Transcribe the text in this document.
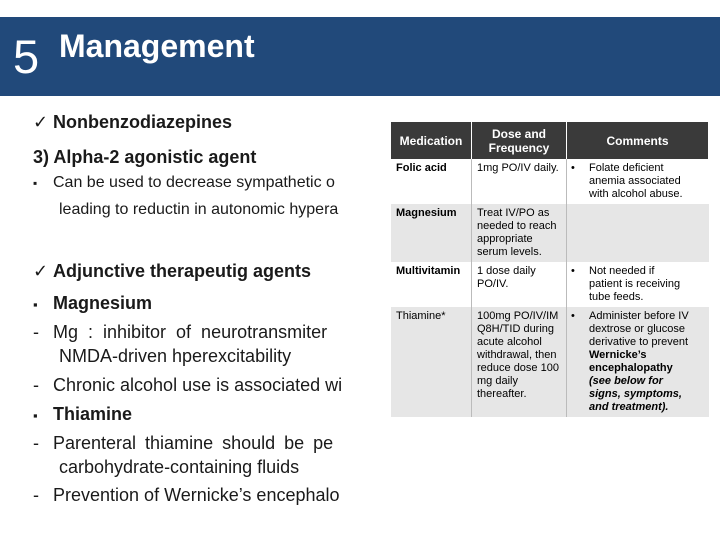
5 Management
✓ Nonbenzodiazepines
3) Alpha-2 agonistic agent
▪ Can be used to decrease sympathetic o
leading to reductin in autonomic hypera
✓ Adjunctive therapeutig agents
▪ Magnesium
- Mg : inhibitor of neurotransmiter
NMDA-driven hperexcitability
- Chronic alcohol use is associated wi
▪ Thiamine
- Parenteral thiamine should be pe
carbohydrate-containing fluids
- Prevention of Wernicke’s encephalo
Medication	Dose and Frequency	Comments
Folic acid	1mg PO/IV daily.	• Folate deficient anemia associated with alcohol abuse.
Magnesium	Treat IV/PO as needed to reach appropriate serum levels.	
Multivitamin	1 dose daily PO/IV.	• Not needed if patient is receiving tube feeds.
Thiamine*	100mg PO/IV/IM Q8H/TID during acute alcohol withdrawal, then reduce dose 100 mg daily thereafter.	• Administer before IV dextrose or glucose derivative to prevent Wernicke’s encephalopathy (see below for signs, symptoms, and treatment).
